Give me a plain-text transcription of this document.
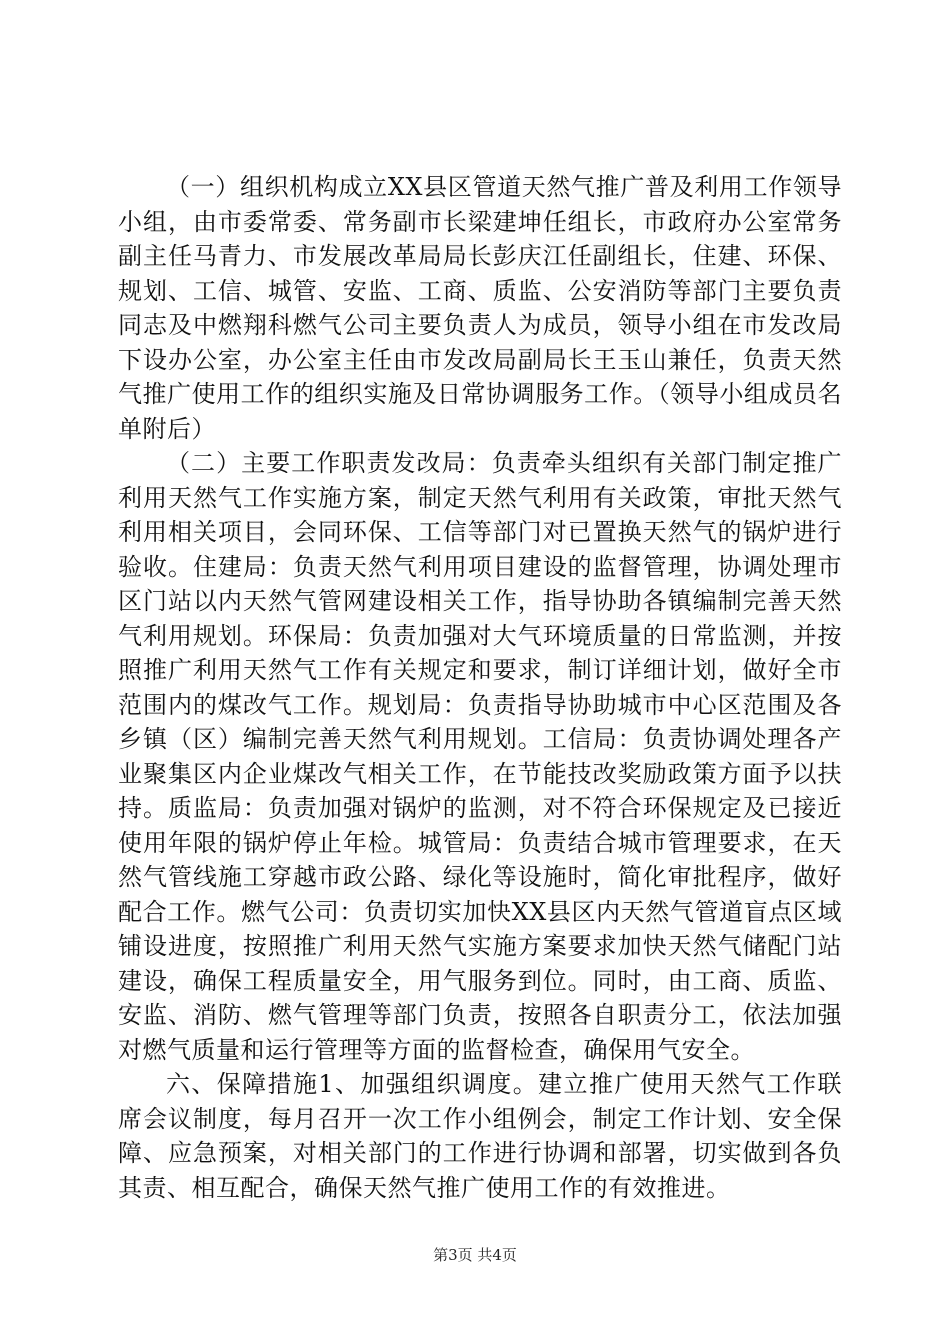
（一）组织机构成立XX县区管道天然气推广普及利用工作领导小组，由市委常委、常务副市长梁建坤任组长，市政府办公室常务副主任马青力、市发展改革局局长彭庆江任副组长，住建、环保、规划、工信、城管、安监、工商、质监、公安消防等部门主要负责同志及中燃翔科燃气公司主要负责人为成员，领导小组在市发改局下设办公室，办公室主任由市发改局副局长王玉山兼任，负责天然气推广使用工作的组织实施及日常协调服务工作。（领导小组成员名单附后）

（二）主要工作职责发改局：负责牵头组织有关部门制定推广利用天然气工作实施方案，制定天然气利用有关政策，审批天然气利用相关项目，会同环保、工信等部门对已置换天然气的锅炉进行验收。住建局：负责天然气利用项目建设的监督管理，协调处理市区门站以内天然气管网建设相关工作，指导协助各镇编制完善天然气利用规划。环保局：负责加强对大气环境质量的日常监测，并按照推广利用天然气工作有关规定和要求，制订详细计划，做好全市范围内的煤改气工作。规划局：负责指导协助城市中心区范围及各乡镇（区）编制完善天然气利用规划。工信局：负责协调处理各产业聚集区内企业煤改气相关工作，在节能技改奖励政策方面予以扶持。质监局：负责加强对锅炉的监测，对不符合环保规定及已接近使用年限的锅炉停止年检。城管局：负责结合城市管理要求，在天然气管线施工穿越市政公路、绿化等设施时，简化审批程序，做好配合工作。燃气公司：负责切实加快XX县区内天然气管道盲点区域铺设进度，按照推广利用天然气实施方案要求加快天然气储配门站建设，确保工程质量安全，用气服务到位。同时，由工商、质监、安监、消防、燃气管理等部门负责，按照各自职责分工，依法加强对燃气质量和运行管理等方面的监督检查，确保用气安全。

六、保障措施1、加强组织调度。建立推广使用天然气工作联席会议制度，每月召开一次工作小组例会，制定工作计划、安全保障、应急预案，对相关部门的工作进行协调和部署，切实做到各负其责、相互配合，确保天然气推广使用工作的有效推进。

第3页 共4页
